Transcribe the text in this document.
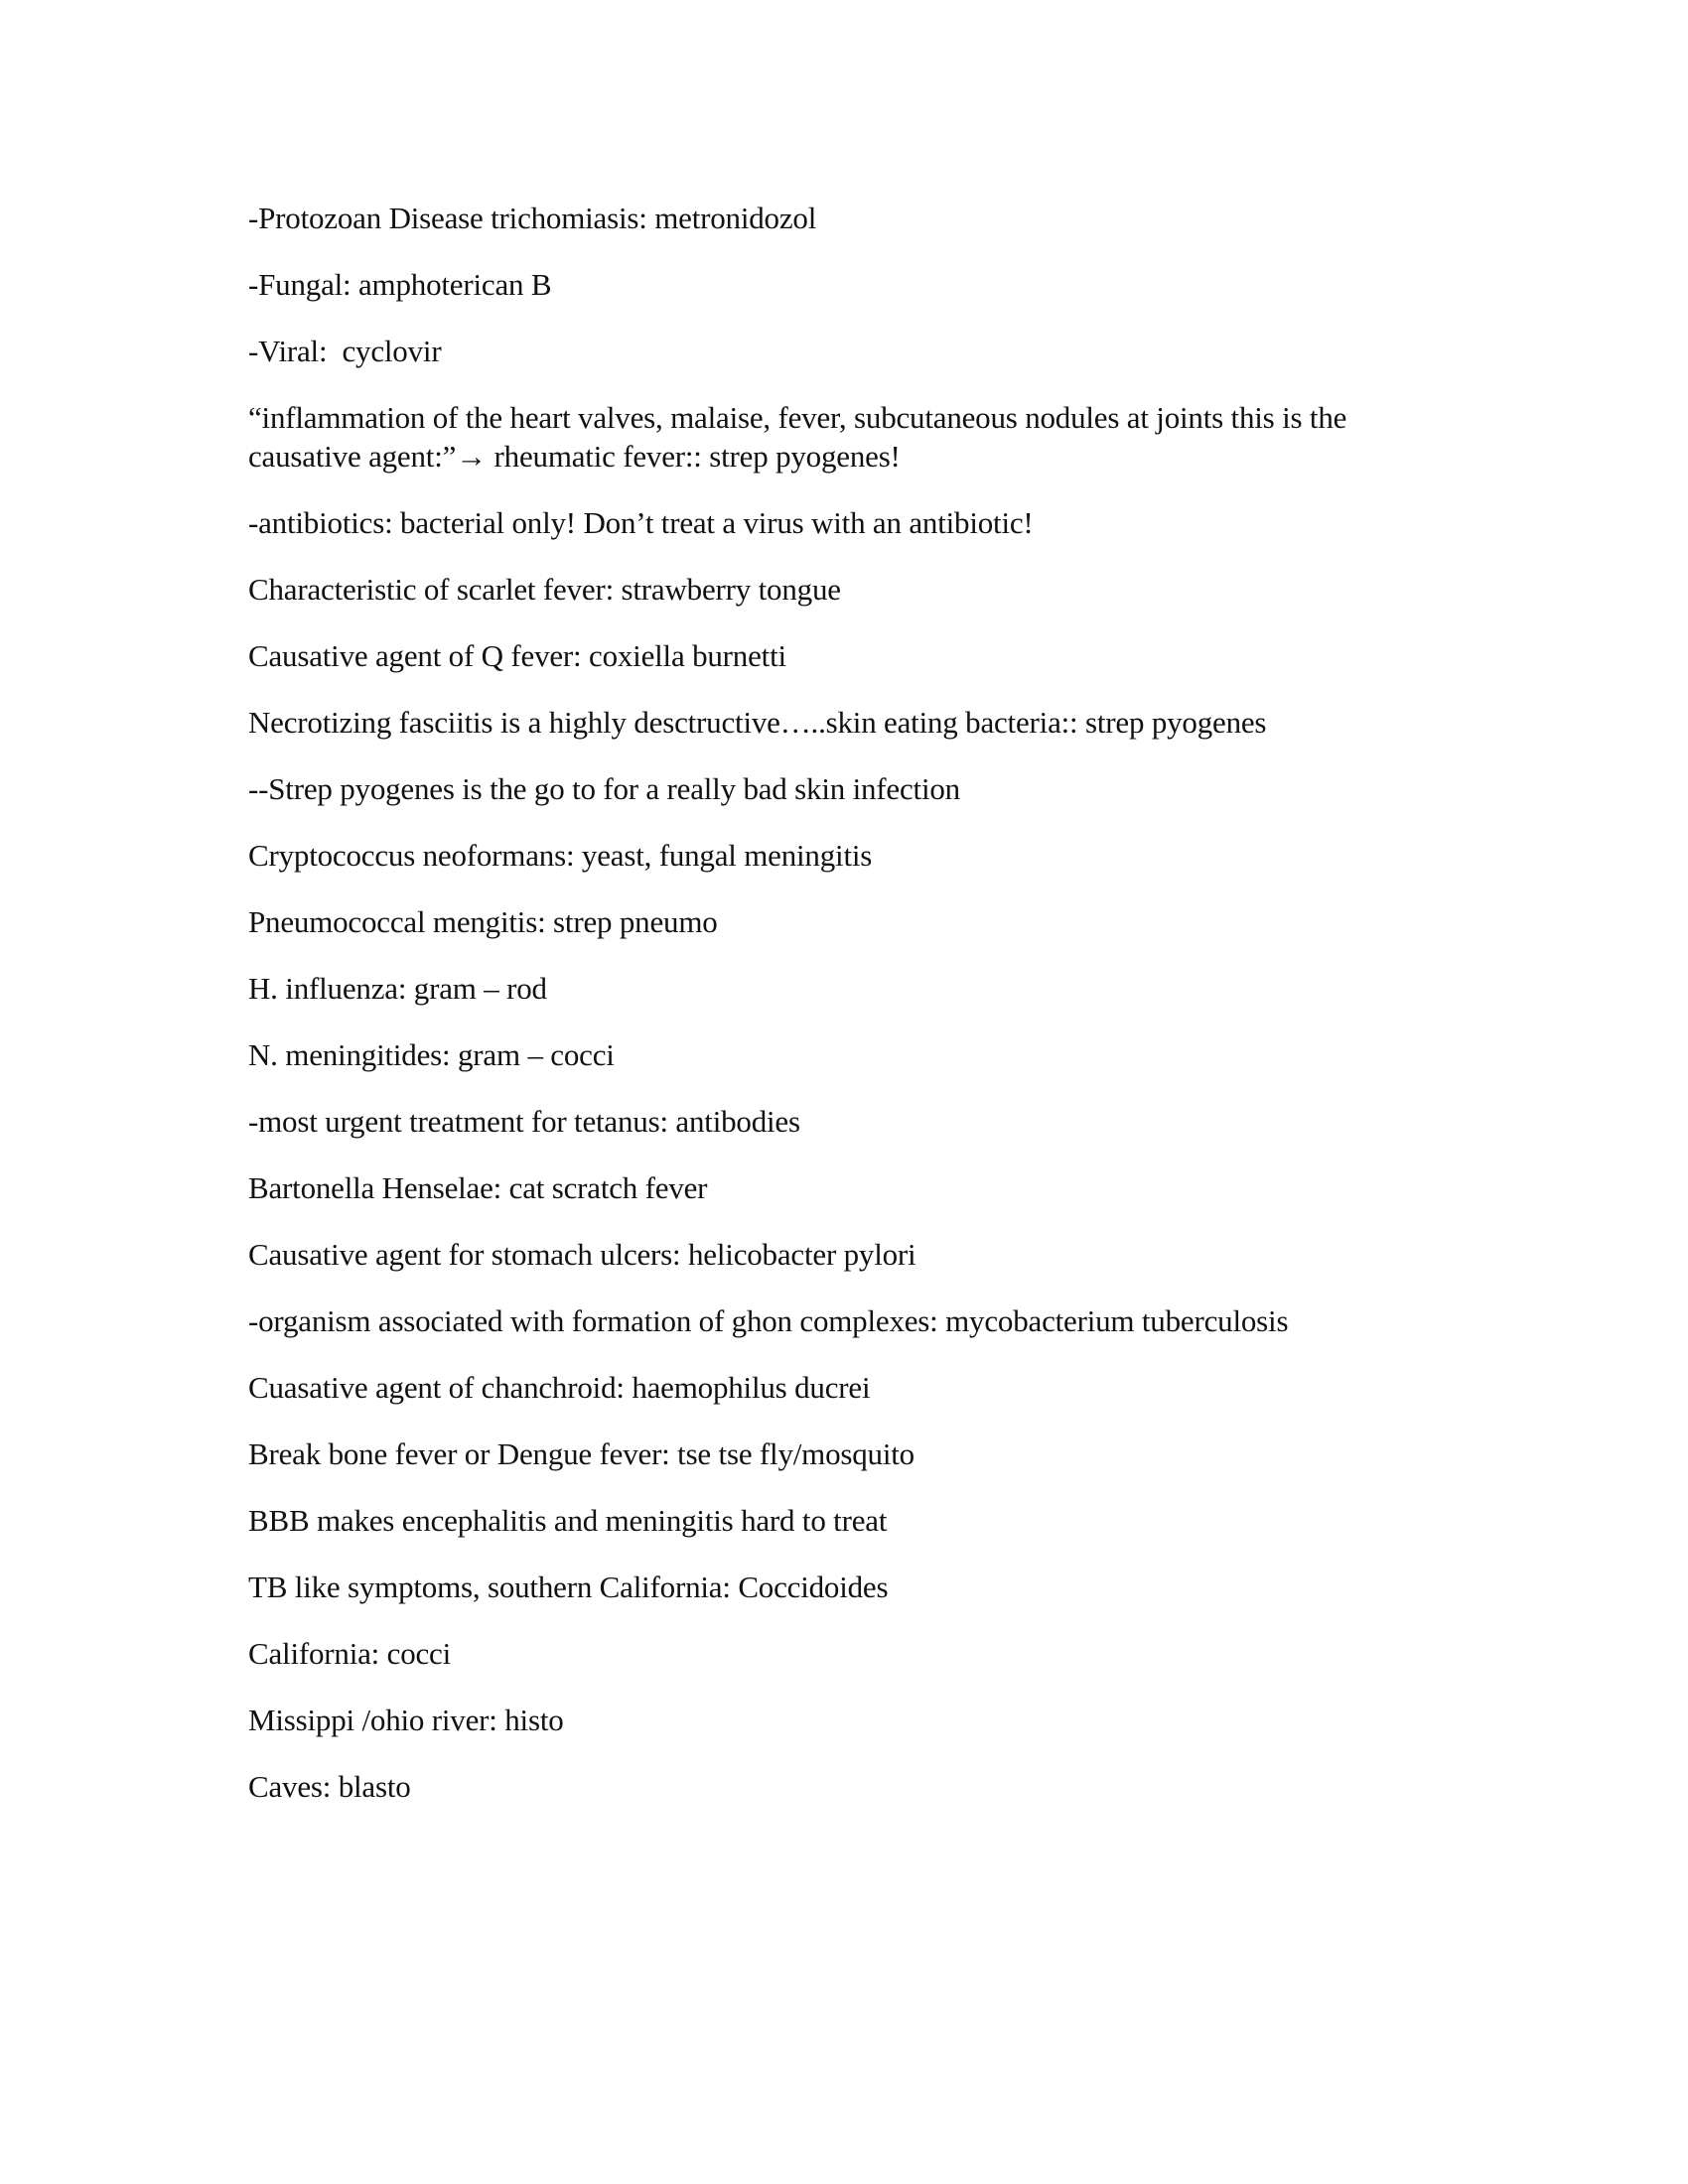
-Protozoan Disease trichomiasis: metronidozol

-Fungal: amphoterican B

-Viral:  cyclovir

“inflammation of the heart valves, malaise, fever, subcutaneous nodules at joints this is the causative agent:”→ rheumatic fever:: strep pyogenes!

-antibiotics: bacterial only! Don’t treat a virus with an antibiotic!

Characteristic of scarlet fever: strawberry tongue

Causative agent of Q fever: coxiella burnetti

Necrotizing fasciitis is a highly desctructive…..skin eating bacteria:: strep pyogenes

--Strep pyogenes is the go to for a really bad skin infection

Cryptococcus neoformans: yeast, fungal meningitis

Pneumococcal mengitis: strep pneumo

H. influenza: gram – rod

N. meningitides: gram – cocci

-most urgent treatment for tetanus: antibodies

Bartonella Henselae: cat scratch fever

Causative agent for stomach ulcers: helicobacter pylori

-organism associated with formation of ghon complexes: mycobacterium tuberculosis

Cuasative agent of chanchroid: haemophilus ducrei

Break bone fever or Dengue fever: tse tse fly/mosquito

BBB makes encephalitis and meningitis hard to treat

TB like symptoms, southern California: Coccidoides

California: cocci

Missippi /ohio river: histo

Caves: blasto
